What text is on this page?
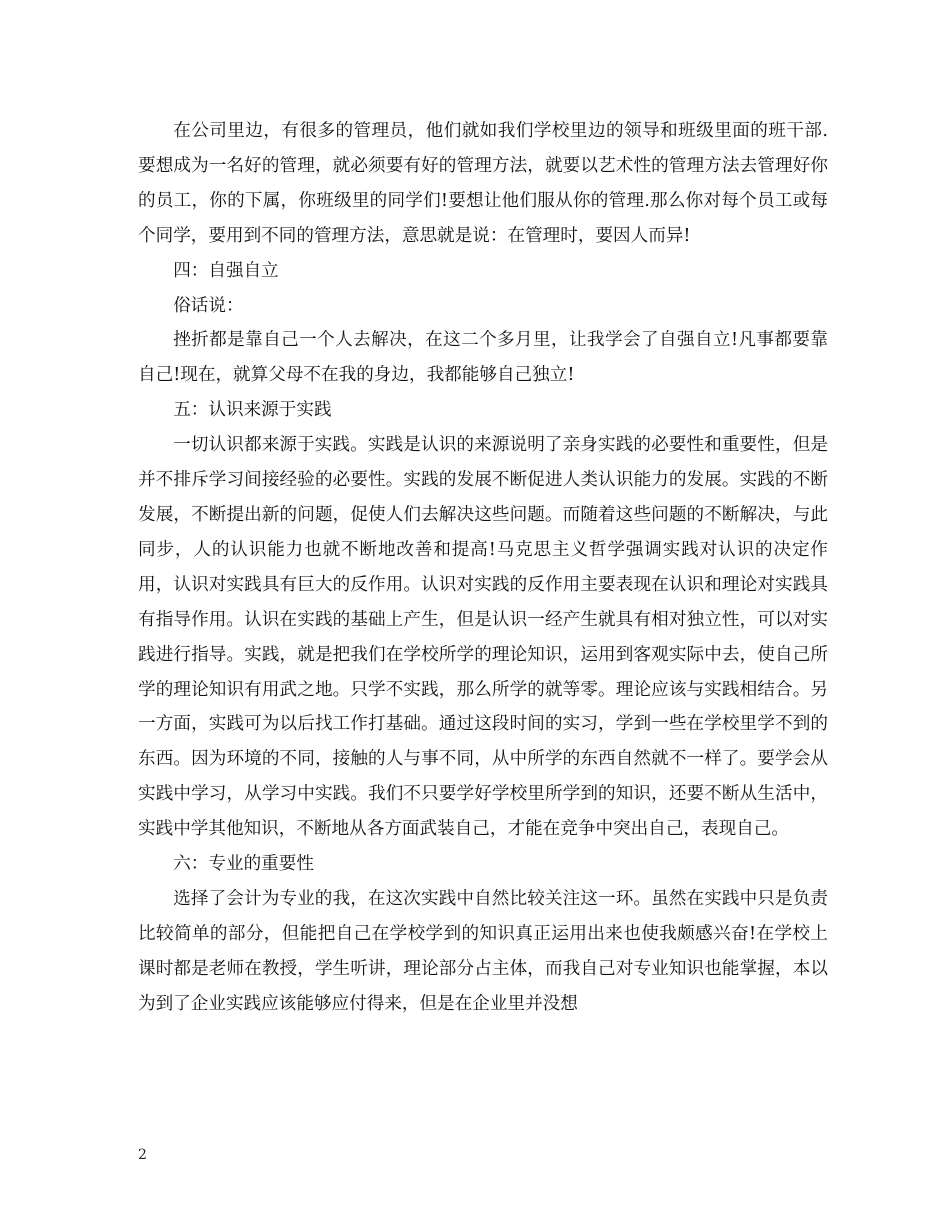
在公司里边，有很多的管理员，他们就如我们学校里边的领导和班级里面的班干部.要想成为一名好的管理，就必须要有好的管理方法，就要以艺术性的管理方法去管理好你的员工，你的下属，你班级里的同学们!要想让他们服从你的管理.那么你对每个员工或每个同学，要用到不同的管理方法，意思就是说：在管理时，要因人而异!

四：自强自立

俗话说：

挫折都是靠自己一个人去解决，在这二个多月里，让我学会了自强自立!凡事都要靠自己!现在，就算父母不在我的身边，我都能够自己独立!

五：认识来源于实践

一切认识都来源于实践。实践是认识的来源说明了亲身实践的必要性和重要性，但是并不排斥学习间接经验的必要性。实践的发展不断促进人类认识能力的发展。实践的不断发展，不断提出新的问题，促使人们去解决这些问题。而随着这些问题的不断解决，与此同步，人的认识能力也就不断地改善和提高!马克思主义哲学强调实践对认识的决定作用，认识对实践具有巨大的反作用。认识对实践的反作用主要表现在认识和理论对实践具有指导作用。认识在实践的基础上产生，但是认识一经产生就具有相对独立性，可以对实践进行指导。实践，就是把我们在学校所学的理论知识，运用到客观实际中去，使自己所学的理论知识有用武之地。只学不实践，那么所学的就等零。理论应该与实践相结合。另一方面，实践可为以后找工作打基础。通过这段时间的实习，学到一些在学校里学不到的东西。因为环境的不同，接触的人与事不同，从中所学的东西自然就不一样了。要学会从实践中学习，从学习中实践。我们不只要学好学校里所学到的知识，还要不断从生活中，实践中学其他知识，不断地从各方面武装自己，才能在竞争中突出自己，表现自己。

六：专业的重要性

选择了会计为专业的我，在这次实践中自然比较关注这一环。虽然在实践中只是负责比较简单的部分，但能把自己在学校学到的知识真正运用出来也使我颇感兴奋!在学校上课时都是老师在教授，学生听讲，理论部分占主体，而我自己对专业知识也能掌握，本以为到了企业实践应该能够应付得来，但是在企业里并没想

2
